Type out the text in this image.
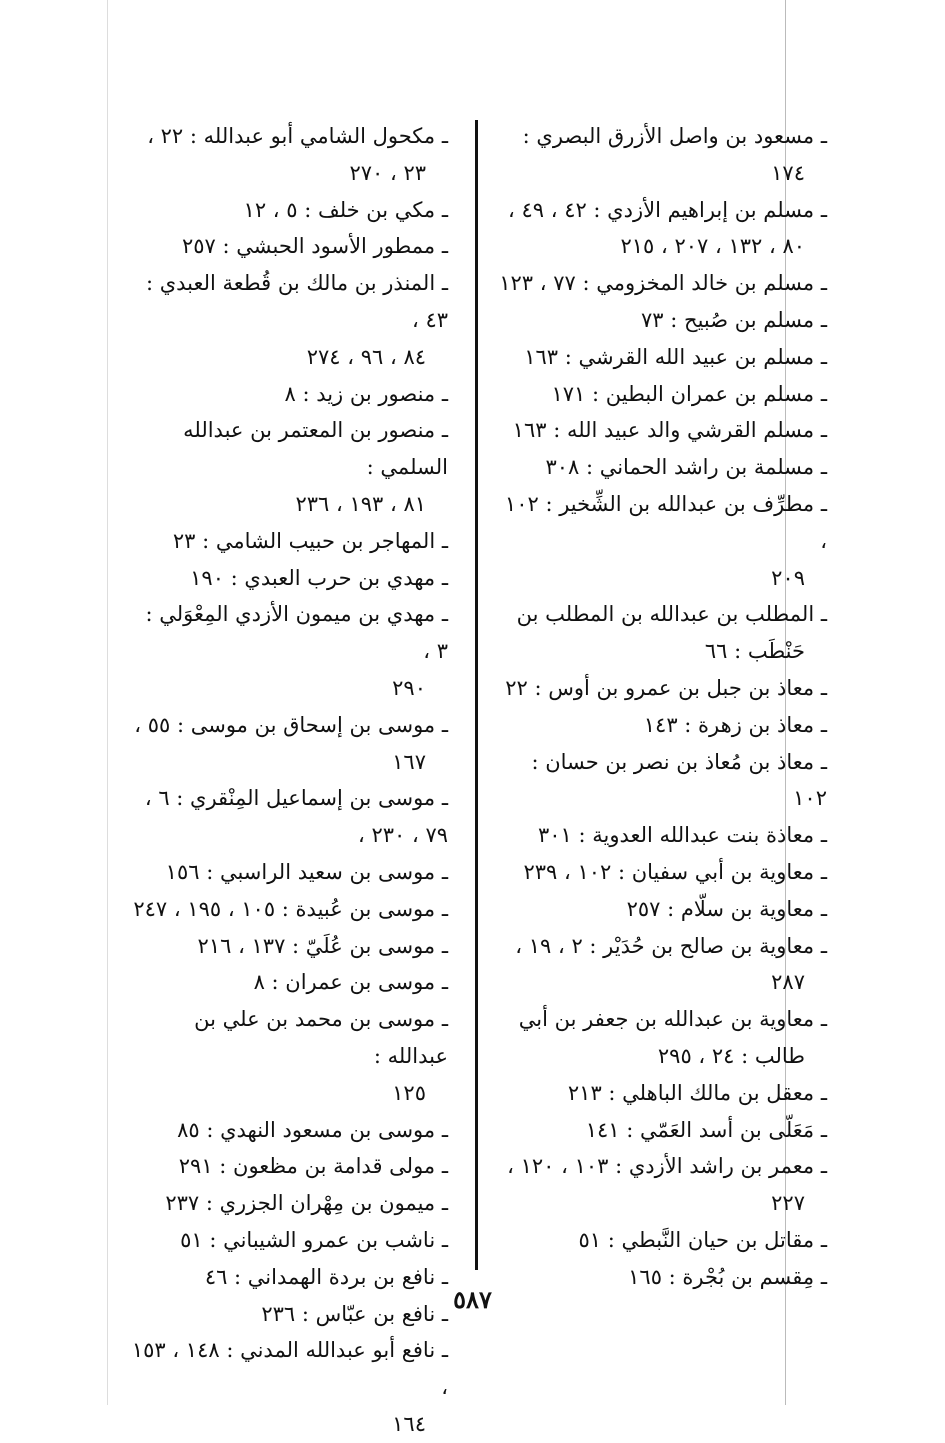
ـ مسعود بن واصل الأزرق البصري :
١٧٤
ـ مسلم بن إبراهيم الأزدي : ٤٢ ، ٤٩ ،
٨٠ ، ١٣٢ ، ٢٠٧ ، ٢١٥
ـ مسلم بن خالد المخزومي : ٧٧ ، ١٢٣
ـ مسلم بن صُبيح : ٧٣
ـ مسلم بن عبيد الله القرشي : ١٦٣
ـ مسلم بن عمران البطين : ١٧١
ـ مسلم القرشي والد عبيد الله : ١٦٣
ـ مسلمة بن راشد الحماني : ٣٠٨
ـ مطرِّف بن عبدالله بن الشِّخير : ١٠٢ ،
٢٠٩
ـ المطلب بن عبدالله بن المطلب بن
حَنْطَب : ٦٦
ـ معاذ بن جبل بن عمرو بن أوس : ٢٢
ـ معاذ بن زهرة : ١٤٣
ـ معاذ بن مُعاذ بن نصر بن حسان : ١٠٢
ـ معاذة بنت عبدالله العدوية : ٣٠١
ـ معاوية بن أبي سفيان : ١٠٢ ، ٢٣٩
ـ معاوية بن سلّام : ٢٥٧
ـ معاوية بن صالح بن حُدَيْر : ٢ ، ١٩ ،
٢٨٧
ـ معاوية بن عبدالله بن جعفر بن أبي
طالب : ٢٤ ، ٢٩٥
ـ معقل بن مالك الباهلي : ٢١٣
ـ مَعَلّى بن أسد العَمّي : ١٤١
ـ معمر بن راشد الأزدي : ١٠٣ ، ١٢٠ ،
٢٢٧
ـ مقاتل بن حيان النَّبطي : ٥١
ـ مِقسم بن بُجْرة : ١٦٥
ـ مكحول الشامي أبو عبدالله : ٢٢ ،
٢٣ ، ٢٧٠
ـ مكي بن خلف : ٥ ، ١٢
ـ ممطور الأسود الحبشي : ٢٥٧
ـ المنذر بن مالك بن قُطعة العبدي : ٤٣ ،
٨٤ ، ٩٦ ، ٢٧٤
ـ منصور بن زيد : ٨
ـ منصور بن المعتمر بن عبدالله السلمي :
٨١ ، ١٩٣ ، ٢٣٦
ـ المهاجر بن حبيب الشامي : ٢٣
ـ مهدي بن حرب العبدي : ١٩٠
ـ مهدي بن ميمون الأزدي المِعْوَلي : ٣ ،
٢٩٠
ـ موسى بن إسحاق بن موسى : ٥٥ ،
١٦٧
ـ موسى بن إسماعيل المِنْقري : ٦ ، ٧٩ ، ٢٣٠ ،
ـ موسى بن سعيد الراسبي : ١٥٦
ـ موسى بن عُبيدة : ١٠٥ ، ١٩٥ ، ٢٤٧
ـ موسى بن عُلَيّ : ١٣٧ ، ٢١٦
ـ موسى بن عمران : ٨
ـ موسى بن محمد بن علي بن عبدالله :
١٢٥
ـ موسى بن مسعود النهدي : ٨٥
ـ مولى قدامة بن مظعون : ٢٩١
ـ ميمون بن مِهْران الجزري : ٢٣٧
ـ ناشب بن عمرو الشيباني : ٥١
ـ نافع بن بردة الهمداني : ٤٦
ـ نافع بن عبّاس : ٢٣٦
ـ نافع أبو عبدالله المدني : ١٤٨ ، ١٥٣ ،
١٦٤
٥٨٧
